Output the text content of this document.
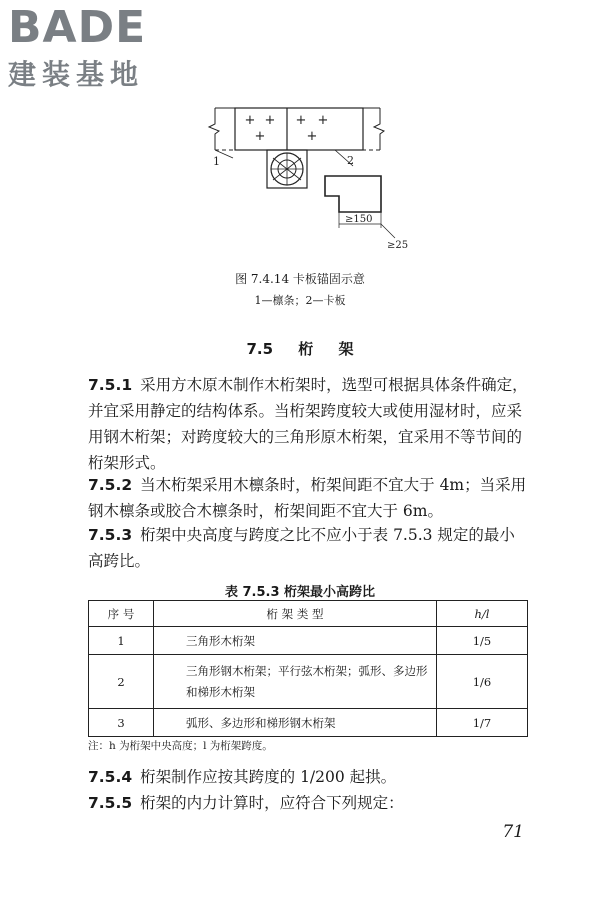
BADE
建装基地
+ +
+
+ +
+
1	2
≥150
≥25
图 7.4.14 卡板锚固示意
1—檩条；2—卡板
7.5 桁 架
7.5.1 采用方木原木制作木桁架时，选型可根据具体条件确定，并宜采用静定的结构体系。当桁架跨度较大或使用湿材时，应采用钢木桁架；对跨度较大的三角形原木桁架，宜采用不等节间的桁架形式。
7.5.2 当木桁架采用木檩条时，桁架间距不宜大于 4m；当采用钢木檩条或胶合木檩条时，桁架间距不宜大于 6m。
7.5.3 桁架中央高度与跨度之比不应小于表 7.5.3 规定的最小高跨比。
表 7.5.3 桁架最小高跨比
序 号	桁 架 类 型	h/l
1	三角形木桁架	1/5
2	三角形钢木桁架；平行弦木桁架；弧形、多边形和梯形木桁架	1/6
3	弧形、多边形和梯形钢木桁架	1/7
注：h 为桁架中央高度；l 为桁架跨度。
7.5.4 桁架制作应按其跨度的 1/200 起拱。
7.5.5 桁架的内力计算时，应符合下列规定：
71
